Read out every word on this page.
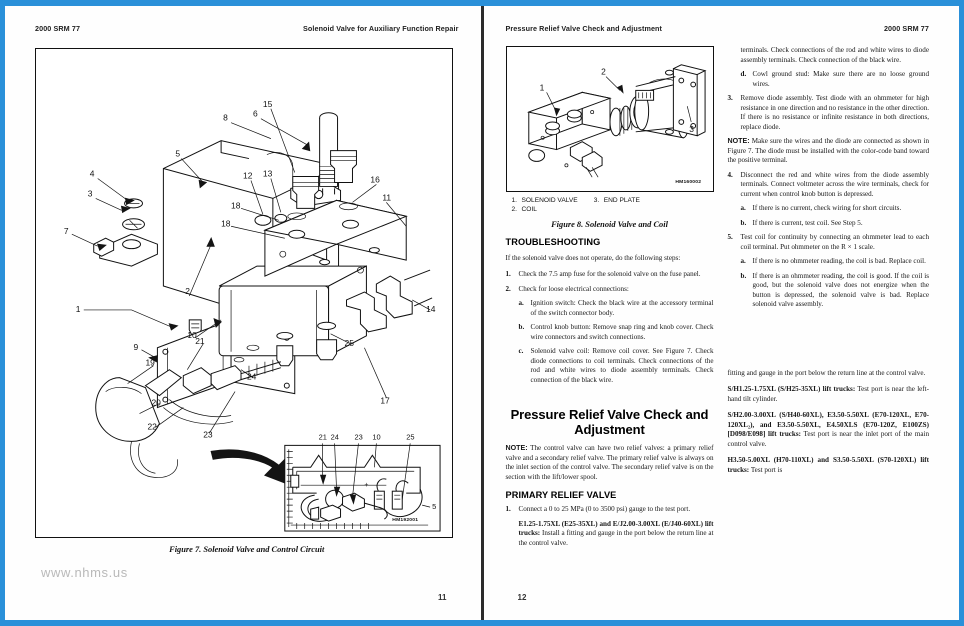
2000 SRM 77	Solenoid Valve for Auxiliary Function Repair
+
21 24 23 10	25
5
HM192001
1
2
3
4
5
6
7
8
9
10
11
12 13
14
15
16
17
18
18
19
20
21
22
23
24
25
Figure 7. Solenoid Valve and Control Circuit
www.nhms.us
11
Pressure Relief Valve Check and Adjustment	2000 SRM 77
1
2
3
HM160002
1. SOLENOID VALVE
2. COIL
3. END PLATE
Figure 8. Solenoid Valve and Coil
TROUBLESHOOTING

If the solenoid valve does not operate, do the following steps:

1.	Check the 7.5 amp fuse for the solenoid valve on the fuse panel.
2.	Check for loose electrical connections:
a. Ignition switch: Check the black wire at the accessory terminal of the switch connector body.
b. Control knob button: Remove snap ring and knob cover. Check wire connectors and switch connections.
c. Solenoid valve coil: Remove coil cover. See Figure 7. Check diode connections to coil terminals. Check connections of the rod and white wires to diode assembly terminals. Check connection of the black wire.
Pressure Relief Valve Check and Adjustment

NOTE: The control valve can have two relief valves: a primary relief valve and a secondary relief valve. The primary relief valve is always on the inlet section of the control valve. The secondary relief valve is on the section with the lift/lower spool.

PRIMARY RELIEF VALVE
1.	Connect a 0 to 25 MPa (0 to 3500 psi) gauge to the test port.
E1.25-1.75XL (E25-35XL) and E/J2.00-3.00XL (E/J40-60XL) lift trucks: Install a fitting and gauge in the port below the return line at the control valve.
terminals. Check connections of the rod and white wires to diode assembly terminals. Check connection of the black wire.
d. Cowl ground stud: Make sure there are no loose ground wires.
3.	Remove diode assembly. Test diode with an ohmmeter for high resistance in one direction and no resistance in the other direction. If there is no resistance or infinite resistance in both directions, replace diode.

NOTE: Make sure the wires and the diode are connected as shown in Figure 7. The diode must be installed with the color-code band toward the positive terminal.

4.	Disconnect the red and white wires from the diode assembly terminals. Connect voltmeter across the wire terminals, check for current when control knob button is depressed.
a. If there is no current, check wiring for short circuits.
b. If there is current, test coil. See Step 5.
5.	Test coil for continuity by connecting an ohmmeter lead to each coil terminal. Put ohmmeter on the R × 1 scale.
a. If there is no ohmmeter reading, the coil is bad. Replace coil.
b. If there is an ohmmeter reading, the coil is good. If the coil is good, but the solenoid valve does not energize when the button is depressed, the solenoid valve is bad. Replace solenoid valve assembly.

fitting and gauge in the port below the return line at the control valve.

S/H1.25-1.75XL (S/H25-35XL) lift trucks: Test port is near the left-hand tilt cylinder.

S/H2.00-3.00XL (S/H40-60XL), E3.50-5.50XL (E70-120XL, E70-120XL₂), and E3.50-5.50XL, E4.50XLS (E70-120Z, E100ZS) [D098/E098] lift trucks: Test port is near the inlet port of the main control valve.

H3.50-5.00XL (H70-110XL) and S3.50-5.50XL (S70-120XL) lift trucks: Test port is

12
